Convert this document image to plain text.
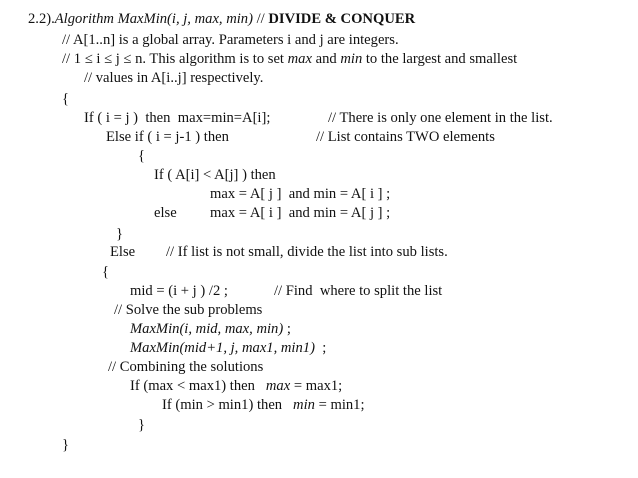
2.2).Algorithm MaxMin(i, j, max, min) // DIVIDE & CONQUER
// A[1..n] is a global array. Parameters i and j are integers.
// 1 ≤ i ≤ j ≤ n. This algorithm is to set max and min to the largest and smallest
// values in A[i..j] respectively.
{
If ( i = j )  then  max=min=A[i];	// There is only one element in the list.
Else if ( i = j-1 ) then	// List contains TWO elements
{
If ( A[i] < A[j] ) then
max = A[ j ]  and min = A[ i ] ;
else max = A[ i ]  and min = A[ j ] ;
}
Else // If list is not small, divide the list into sub lists.
{
mid = (i + j ) /2 ;	// Find  where to split the list
// Solve the sub problems
MaxMin(i, mid, max, min) ;
MaxMin(mid+1, j, max1, min1)  ;
// Combining the solutions
If (max < max1) then   max = max1;
If (min > min1) then   min = min1;
}
}
